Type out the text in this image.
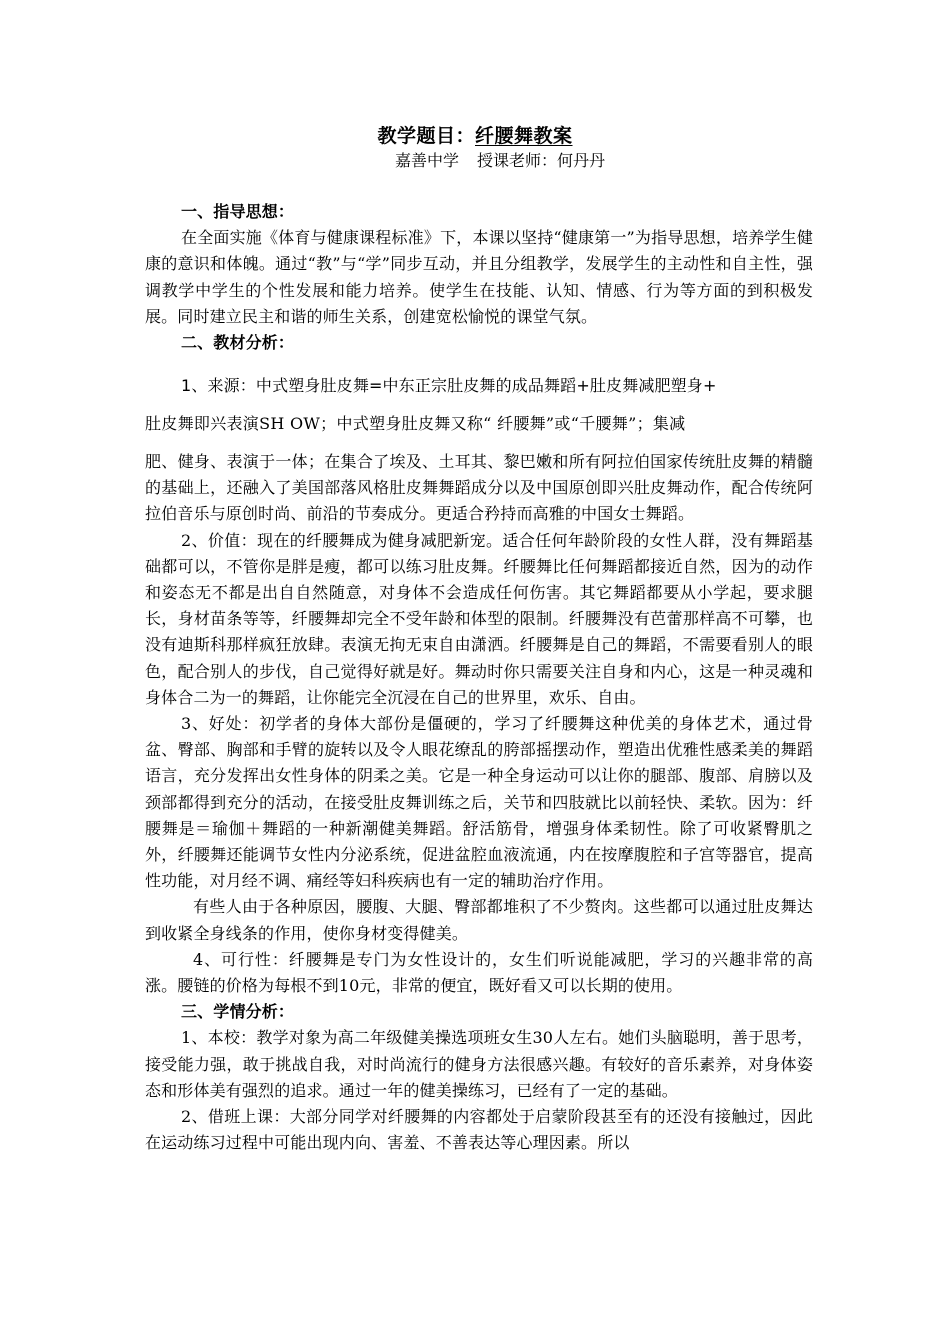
教学题目：纤腰舞教案
嘉善中学 授课老师：何丹丹
一、指导思想：

在全面实施《体育与健康课程标准》下，本课以坚持“健康第一”为指导思想，培养学生健康的意识和体魄。通过“教”与“学”同步互动，并且分组教学，发展学生的主动性和自主性，强调教学中学生的个性发展和能力培养。使学生在技能、认知、情感、行为等方面的到积极发展。同时建立民主和谐的师生关系，创建宽松愉悦的课堂气氛。

二、教材分析：

1、来源：中式塑身肚皮舞=中东正宗肚皮舞的成品舞蹈+肚皮舞减肥塑身+

肚皮舞即兴表演SH OW；中式塑身肚皮舞又称“ 纤腰舞”或“千腰舞”；集减

肥、健身、表演于一体；在集合了埃及、土耳其、黎巴嫩和所有阿拉伯国家传统肚皮舞的精髓的基础上，还融入了美国部落风格肚皮舞舞蹈成分以及中国原创即兴肚皮舞动作，配合传统阿拉伯音乐与原创时尚、前沿的节奏成分。更适合矜持而高雅的中国女士舞蹈。

2、价值：现在的纤腰舞成为健身减肥新宠。适合任何年龄阶段的女性人群，没有舞蹈基础都可以，不管你是胖是瘦，都可以练习肚皮舞。纤腰舞比任何舞蹈都接近自然，因为的动作和姿态无不都是出自自然随意，对身体不会造成任何伤害。其它舞蹈都要从小学起，要求腿长，身材苗条等等，纤腰舞却完全不受年龄和体型的限制。纤腰舞没有芭蕾那样高不可攀，也没有迪斯科那样疯狂放肆。表演无拘无束自由潇洒。纤腰舞是自己的舞蹈，不需要看别人的眼色，配合别人的步伐，自己觉得好就是好。舞动时你只需要关注自身和内心，这是一种灵魂和身体合二为一的舞蹈，让你能完全沉浸在自己的世界里，欢乐、自由。

3、好处：初学者的身体大部份是僵硬的，学习了纤腰舞这种优美的身体艺术，通过骨盆、臀部、胸部和手臂的旋转以及令人眼花缭乱的胯部摇摆动作，塑造出优雅性感柔美的舞蹈语言，充分发挥出女性身体的阴柔之美。它是一种全身运动可以让你的腿部、腹部、肩膀以及颈部都得到充分的活动，在接受肚皮舞训练之后，关节和四肢就比以前轻快、柔软。因为：纤腰舞是＝瑜伽＋舞蹈的一种新潮健美舞蹈。舒活筋骨，增强身体柔韧性。除了可收紧臀肌之外，纤腰舞还能调节女性内分泌系统，促进盆腔血液流通，内在按摩腹腔和子宫等器官，提高性功能，对月经不调、痛经等妇科疾病也有一定的辅助治疗作用。

有些人由于各种原因，腰腹、大腿、臀部都堆积了不少赘肉。这些都可以通过肚皮舞达到收紧全身线条的作用，使你身材变得健美。

4、可行性：纤腰舞是专门为女性设计的，女生们听说能减肥，学习的兴趣非常的高涨。腰链的价格为每根不到10元，非常的便宜，既好看又可以长期的使用。

三、学情分析：

1、本校：教学对象为高二年级健美操选项班女生30人左右。她们头脑聪明，善于思考，接受能力强，敢于挑战自我，对时尚流行的健身方法很感兴趣。有较好的音乐素养，对身体姿态和形体美有强烈的追求。通过一年的健美操练习，已经有了一定的基础。

2、借班上课：大部分同学对纤腰舞的内容都处于启蒙阶段甚至有的还没有接触过，因此在运动练习过程中可能出现内向、害羞、不善表达等心理因素。所以
